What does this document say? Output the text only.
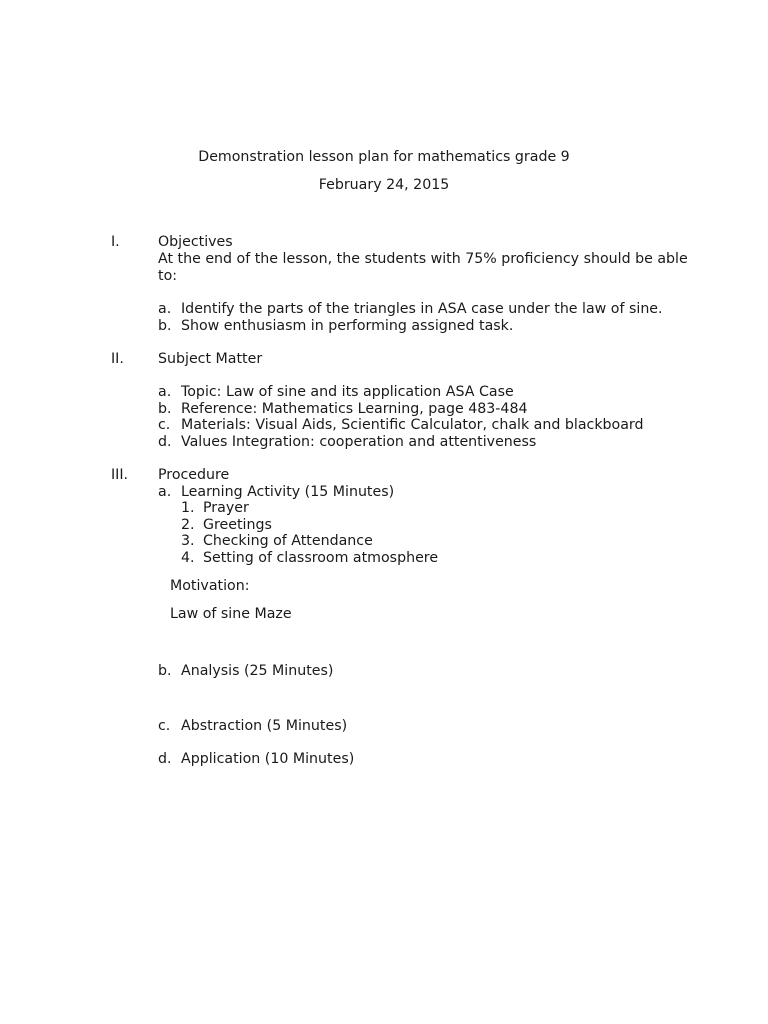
Demonstration lesson plan for mathematics grade 9
February 24, 2015
I.	Objectives
At the end of the lesson, the students with 75% proficiency should be able
to:
a. Identify the parts of the triangles in ASA case under the law of sine.
b. Show enthusiasm in performing assigned task.
II. Subject Matter
a. Topic: Law of sine and its application ASA Case
b. Reference: Mathematics Learning, page 483-484
c. Materials: Visual Aids, Scientific Calculator, chalk and blackboard
d. Values Integration: cooperation and attentiveness
III. Procedure
a. Learning Activity (15 Minutes)
1. Prayer
2. Greetings
3. Checking of Attendance
4. Setting of classroom atmosphere
Motivation:
Law of sine Maze
b. Analysis (25 Minutes)
c. Abstraction (5 Minutes)
d. Application (10 Minutes)
